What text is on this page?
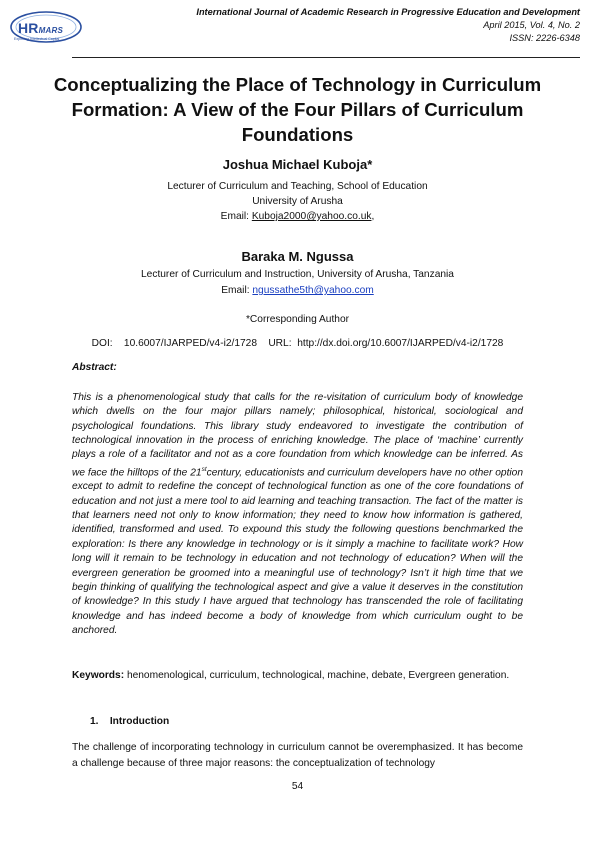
HRMARS
Exploring Intellectual Capital
International Journal of Academic Research in Progressive Education and Development
April 2015, Vol. 4, No. 2
ISSN: 2226-6348
Conceptualizing the Place of Technology in Curriculum Formation: A View of the Four Pillars of Curriculum Foundations
Joshua Michael Kuboja*
Lecturer of Curriculum and Teaching, School of Education
University of Arusha
Email: Kuboja2000@yahoo.co.uk,
Baraka M. Ngussa
Lecturer of Curriculum and Instruction, University of Arusha, Tanzania
Email: ngussathe5th@yahoo.com
*Corresponding Author
DOI:    10.6007/IJARPED/v4-i2/1728    URL:  http://dx.doi.org/10.6007/IJARPED/v4-i2/1728
Abstract:

This is a phenomenological study that calls for the re-visitation of curriculum body of knowledge which dwells on the four major pillars namely; philosophical, historical, sociological and psychological foundations. This library study endeavored to investigate the contribution of technological innovation in the process of enriching knowledge. The place of ‘machine’ currently plays a role of a facilitator and not as a core foundation from which knowledge can be inferred. As we face the hilltops of the 21stcentury, educationists and curriculum developers have no other option except to admit to redefine the concept of technological function as one of the core foundations of education and not just a mere tool to aid learning and teaching transaction. The fact of the matter is that learners need not only to know information; they need to know how information is gathered, identified, transformed and used. To expound this study the following questions benchmarked the exploration: Is there any knowledge in technology or is it simply a machine to facilitate work? How long will it remain to be technology in education and not technology of education? When will the evergreen generation be groomed into a meaningful use of technology? Isn’t it high time that we begin thinking of qualifying the technological aspect and give a value it deserves in the constitution of knowledge? In this study I have argued that technology has transcended the role of facilitating knowledge and has indeed become a body of knowledge from which curriculum ought to be anchored.

Keywords: henomenological, curriculum, technological, machine, debate, Evergreen generation.
1.    Introduction

The challenge of incorporating technology in curriculum cannot be overemphasized. It has become a challenge because of three major reasons: the conceptualization of technology

54
